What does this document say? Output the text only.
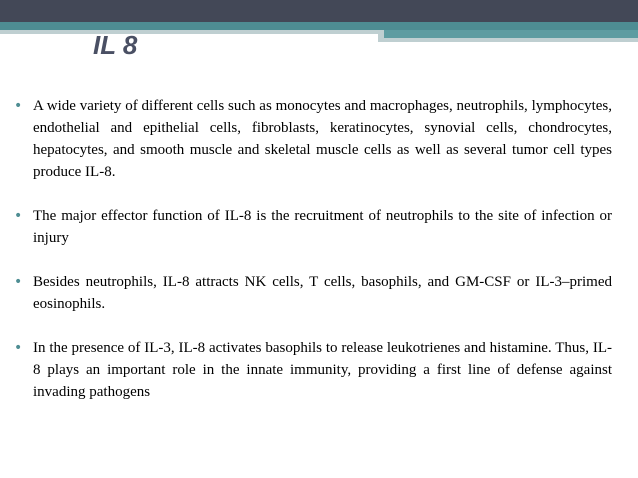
IL 8
• A wide variety of different cells such as monocytes and macrophages, neutrophils, lymphocytes, endothelial and epithelial cells, fibroblasts, keratinocytes, synovial cells, chondrocytes, hepatocytes, and smooth muscle and skeletal muscle cells as well as several tumor cell types produce IL-8.
• The major effector function of IL-8 is the recruitment of neutrophils to the site of infection or injury
• Besides neutrophils, IL-8 attracts NK cells, T cells, basophils, and GM-CSF or IL-3–primed eosinophils.
• In the presence of IL-3, IL-8 activates basophils to release leukotrienes and histamine. Thus, IL-8 plays an important role in the innate immunity, providing a first line of defense against invading pathogens
